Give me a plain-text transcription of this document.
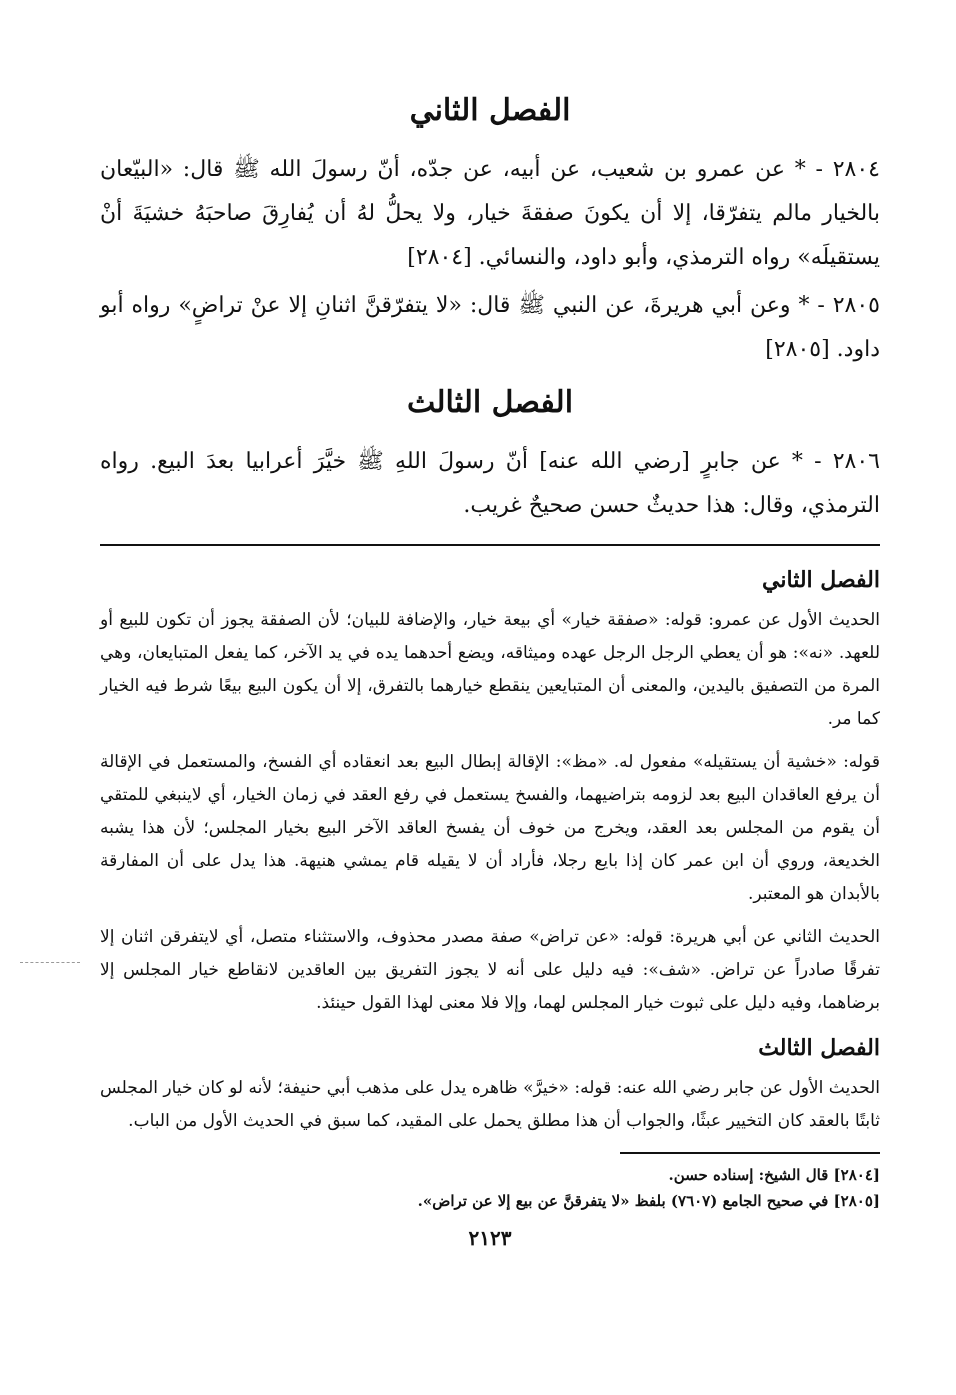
الفصل الثاني

٢٨٠٤ - * عن عمرو بن شعيب، عن أبيه، عن جدّه، أنّ رسولَ الله ﷺ قال: «البيّعان بالخيار مالم يتفرّقا، إلا أن يكونَ صفقةَ خيار، ولا يحلُّ لهُ أن يُفارِقَ صاحبَهُ خشيَةَ أنْ يستقيلَه» رواه الترمذي، وأبو داود، والنسائي. [٢٨٠٤]

٢٨٠٥ - * وعن أبي هريرةَ، عن النبي ﷺ قال: «لا يتفرّقنَّ اثنانِ إلا عنْ تراضٍ» رواه أبو داود. [٢٨٠٥]

الفصل الثالث

٢٨٠٦ - * عن جابرٍ [رضي الله عنه] أنّ رسولَ اللهِ ﷺ خيَّرَ أعرابيا بعدَ البيع. رواه الترمذي، وقال: هذا حديثٌ حسن صحيحٌ غريب.

الفصل الثاني

الحديث الأول عن عمرو: قوله: «صفقة خيار» أي بيعة خيار، والإضافة للبيان؛ لأن الصفقة يجوز أن تكون للبيع أو للعهد. «نه»: هو أن يعطي الرجل الرجل عهده وميثاقه، ويضع أحدهما يده في يد الآخر، كما يفعل المتبايعان، وهي المرة من التصفيق باليدين، والمعنى أن المتبايعين ينقطع خيارهما بالتفرق، إلا أن يكون البيع بيعًا شرط فيه الخيار كما مر.

قوله: «خشية أن يستقيله» مفعول له. «مظ»: الإقالة إبطال البيع بعد انعقاده أي الفسخ، والمستعمل في الإقالة أن يرفع العاقدان البيع بعد لزومه بتراضيهما، والفسخ يستعمل في رفع العقد في زمان الخيار، أي لاينبغي للمتقي أن يقوم من المجلس بعد العقد، ويخرج من خوف أن يفسخ العاقد الآخر البيع بخيار المجلس؛ لأن هذا يشبه الخديعة، وروي أن ابن عمر كان إذا بايع رجلا، فأراد أن لا يقيله قام يمشي هنيهة. هذا يدل على أن المفارقة بالأبدان هو المعتبر.

الحديث الثاني عن أبي هريرة: قوله: «عن تراض» صفة مصدر محذوف، والاستثناء متصل، أي لايتفرقن اثنان إلا تفرقًا صادراً عن تراض. «شف»: فيه دليل على أنه لا يجوز التفريق بين العاقدين لانقاطع خيار المجلس إلا برضاهما، وفيه دليل على ثبوت خيار المجلس لهما، وإلا فلا معنى لهذا القول حينئذ.

الفصل الثالث

الحديث الأول عن جابر رضي الله عنه: قوله: «خيرَّ» ظاهره يدل على مذهب أبي حنيفة؛ لأنه لو كان خيار المجلس ثابتًا بالعقد كان التخيير عبثًا، والجواب أن هذا مطلق يحمل على المقيد، كما سبق في الحديث الأول من الباب.

[٢٨٠٤] قال الشيخ: إسناده حسن.

[٢٨٠٥] في صحيح الجامع (٧٦٠٧) بلفظ «لا يتفرقنَّ عن بيع إلا عن تراض».

٢١٢٣
